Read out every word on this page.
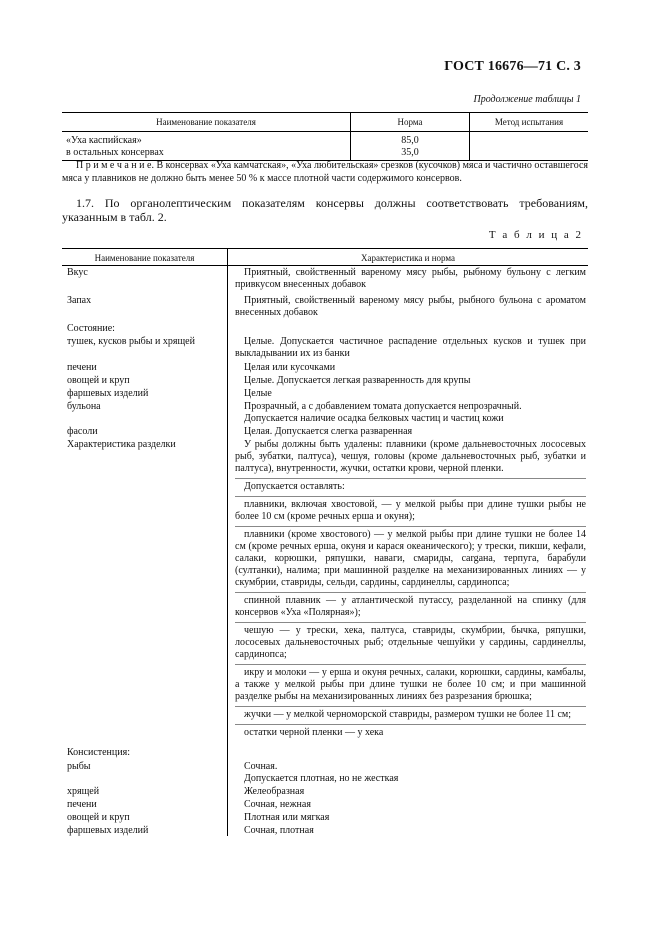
ГОСТ 16676—71 С. 3
Продолжение таблицы 1
Наименование показателя	Норма	Метод испытания
«Уха каспийская»	85,0	
в остальных консервах	35,0	
П р и м е ч а н и е. В консервах «Уха камчатская», «Уха любительская» срезков (кусочков) мяса и частично оставшегося мяса у плавников не должно быть менее 50 % к массе плотной части содержимого консервов.
1.7. По органолептическим показателям консервы должны соответствовать требованиям, указанным в табл. 2.
Т а б л и ц а 2
Наименование показателя	Характеристика и норма
Вкус	Приятный, свойственный вареному мясу рыбы, рыбному бульону с легким привкусом внесенных добавок
Запах	Приятный, свойственный вареному мясу рыбы, рыбного бульона с ароматом внесенных добавок
Состояние:
тушек, кусков рыбы и хрящей	Целые. Допускается частичное распадение отдельных кусков и тушек при выкладывании их из банки
печени	Целая или кусочками
овощей и круп	Целые. Допускается легкая разваренность для крупы
фаршевых изделий	Целые
бульона	Прозрачный, а с добавлением томата допускается непрозрачный.

Допускается наличие осадка белковых частиц и частиц кожи

фасоли	Целая. Допускается слегка разваренная
Характеристика разделки	У рыбы должны быть удалены: плавники (кроме дальневосточных лососевых рыб, зубатки, палтуса), чешуя, головы (кроме дальневосточных рыб, зубатки и палтуса), внутренности, жучки, остатки крови, черной пленки.

Допускается оставлять:

плавники, включая хвостовой, — у мелкой рыбы при длине тушки рыбы не более 10 см (кроме речных ерша и окуня);

плавники (кроме хвостового) — у мелкой рыбы при длине тушки не более 14 см (кроме речных ерша, окуня и карася океанического); у трески, пикши, кефали, салаки, корюшки, ряпушки, наваги, смариды, сargана, терпуга, барабули (султанки), налима; при машинной разделке на механизированных линиях — у скумбрии, ставриды, сельди, сардины, сардинеллы, сардинопса;

спинной плавник — у атлантической путассу, разделанной на спинку (для консервов «Уха «Полярная»);

чешую — у трески, хека, палтуса, ставриды, скумбрии, бычка, ряпушки, лососевых дальневосточных рыб; отдельные чешуйки у сардины, сардинеллы, сардинопса;

икру и молоки — у ерша и окуня речных, салаки, корюшки, сардины, камбалы, а также у мелкой рыбы при длине тушки не более 10 см; и при машинной разделке рыбы на механизированных линиях без разрезания брюшка;

жучки — у мелкой черноморской ставриды, размером тушки не более 11 см;

остатки черной пленки — у хека

Консистенция:
рыбы	Сочная.

Допускается плотная, но не жесткая

хрящей	Желеобразная
печени	Сочная, нежная
овощей и круп	Плотная или мягкая
фаршевых изделий	Сочная, плотная
